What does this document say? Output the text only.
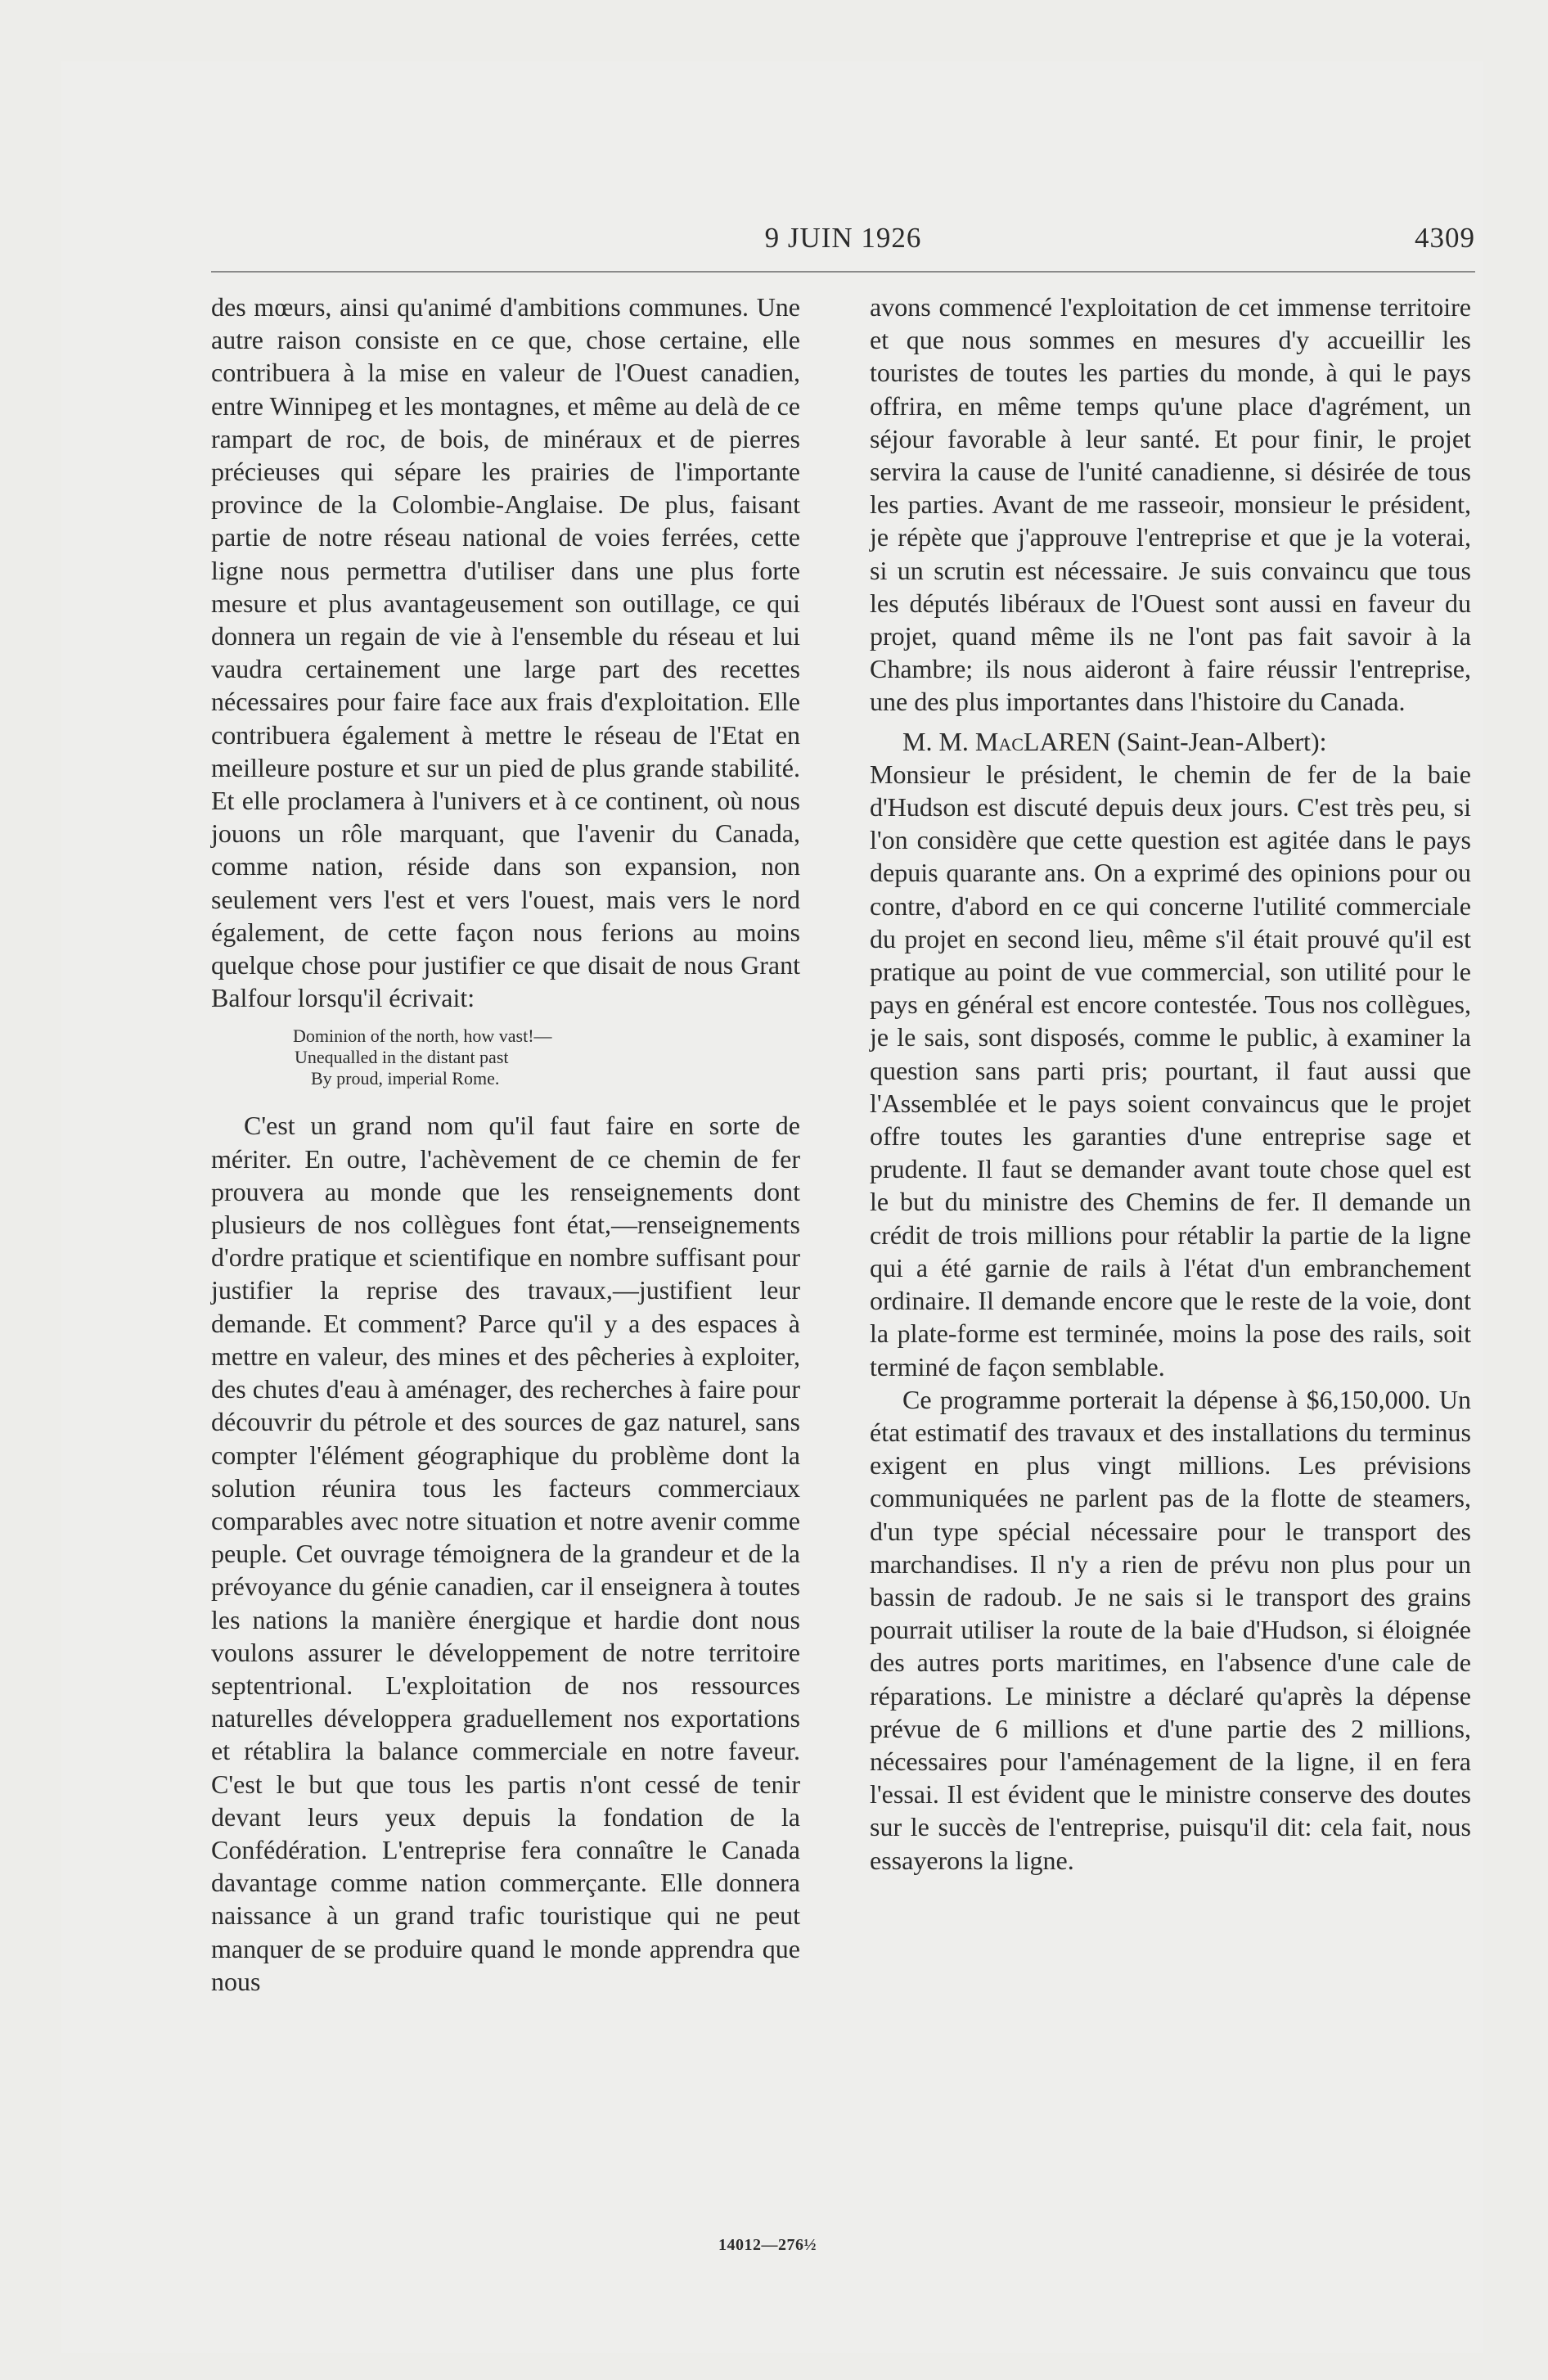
9 JUIN 1926	4309

des mœurs, ainsi qu'animé d'ambitions communes. Une autre raison consiste en ce que, chose certaine, elle contribuera à la mise en valeur de l'Ouest canadien, entre Winnipeg et les montagnes, et même au delà de ce rampart de roc, de bois, de minéraux et de pierres précieuses qui sépare les prairies de l'importante province de la Colombie-Anglaise. De plus, faisant partie de notre réseau national de voies ferrées, cette ligne nous permettra d'utiliser dans une plus forte mesure et plus avantageusement son outillage, ce qui donnera un regain de vie à l'ensemble du réseau et lui vaudra certainement une large part des recettes nécessaires pour faire face aux frais d'exploitation. Elle contribuera également à mettre le réseau de l'Etat en meilleure posture et sur un pied de plus grande stabilité. Et elle proclamera à l'univers et à ce continent, où nous jouons un rôle marquant, que l'avenir du Canada, comme nation, réside dans son expansion, non seulement vers l'est et vers l'ouest, mais vers le nord également, de cette façon nous ferions au moins quelque chose pour justifier ce que disait de nous Grant Balfour lorsqu'il écrivait:

Dominion of the north, how vast!—
Unequalled in the distant past
By proud, imperial Rome.

C'est un grand nom qu'il faut faire en sorte de mériter. En outre, l'achèvement de ce chemin de fer prouvera au monde que les renseignements dont plusieurs de nos collègues font état,—renseignements d'ordre pratique et scientifique en nombre suffisant pour justifier la reprise des travaux,—justifient leur demande. Et comment? Parce qu'il y a des espaces à mettre en valeur, des mines et des pêcheries à exploiter, des chutes d'eau à aménager, des recherches à faire pour découvrir du pétrole et des sources de gaz naturel, sans compter l'élément géographique du problème dont la solution réunira tous les facteurs commerciaux comparables avec notre situation et notre avenir comme peuple. Cet ouvrage témoignera de la grandeur et de la prévoyance du génie canadien, car il enseignera à toutes les nations la manière énergique et hardie dont nous voulons assurer le développement de notre territoire septentrional. L'exploitation de nos ressources naturelles développera graduellement nos exportations et rétablira la balance commerciale en notre faveur. C'est le but que tous les partis n'ont cessé de tenir devant leurs yeux depuis la fondation de la Confédération. L'entreprise fera connaître le Canada davantage comme nation commerçante. Elle donnera naissance à un grand trafic touristique qui ne peut manquer de se produire quand le monde apprendra que nous

avons commencé l'exploitation de cet immense territoire et que nous sommes en mesures d'y accueillir les touristes de toutes les parties du monde, à qui le pays offrira, en même temps qu'une place d'agrément, un séjour favorable à leur santé. Et pour finir, le projet servira la cause de l'unité canadienne, si désirée de tous les parties. Avant de me rasseoir, monsieur le président, je répète que j'approuve l'entreprise et que je la voterai, si un scrutin est nécessaire. Je suis convaincu que tous les députés libéraux de l'Ouest sont aussi en faveur du projet, quand même ils ne l'ont pas fait savoir à la Chambre; ils nous aideront à faire réussir l'entreprise, une des plus importantes dans l'histoire du Canada.

M. M. MacLAREN (Saint-Jean-Albert):

Monsieur le président, le chemin de fer de la baie d'Hudson est discuté depuis deux jours. C'est très peu, si l'on considère que cette question est agitée dans le pays depuis quarante ans. On a exprimé des opinions pour ou contre, d'abord en ce qui concerne l'utilité commerciale du projet en second lieu, même s'il était prouvé qu'il est pratique au point de vue commercial, son utilité pour le pays en général est encore contestée. Tous nos collègues, je le sais, sont disposés, comme le public, à examiner la question sans parti pris; pourtant, il faut aussi que l'Assemblée et le pays soient convaincus que le projet offre toutes les garanties d'une entreprise sage et prudente. Il faut se demander avant toute chose quel est le but du ministre des Chemins de fer. Il demande un crédit de trois millions pour rétablir la partie de la ligne qui a été garnie de rails à l'état d'un embranchement ordinaire. Il demande encore que le reste de la voie, dont la plate-forme est terminée, moins la pose des rails, soit terminé de façon semblable.

Ce programme porterait la dépense à $6,150,000. Un état estimatif des travaux et des installations du terminus exigent en plus vingt millions. Les prévisions communiquées ne parlent pas de la flotte de steamers, d'un type spécial nécessaire pour le transport des marchandises. Il n'y a rien de prévu non plus pour un bassin de radoub. Je ne sais si le transport des grains pourrait utiliser la route de la baie d'Hudson, si éloignée des autres ports maritimes, en l'absence d'une cale de réparations. Le ministre a déclaré qu'après la dépense prévue de 6 millions et d'une partie des 2 millions, nécessaires pour l'aménagement de la ligne, il en fera l'essai. Il est évident que le ministre conserve des doutes sur le succès de l'entreprise, puisqu'il dit: cela fait, nous essayerons la ligne.

14012—276½
